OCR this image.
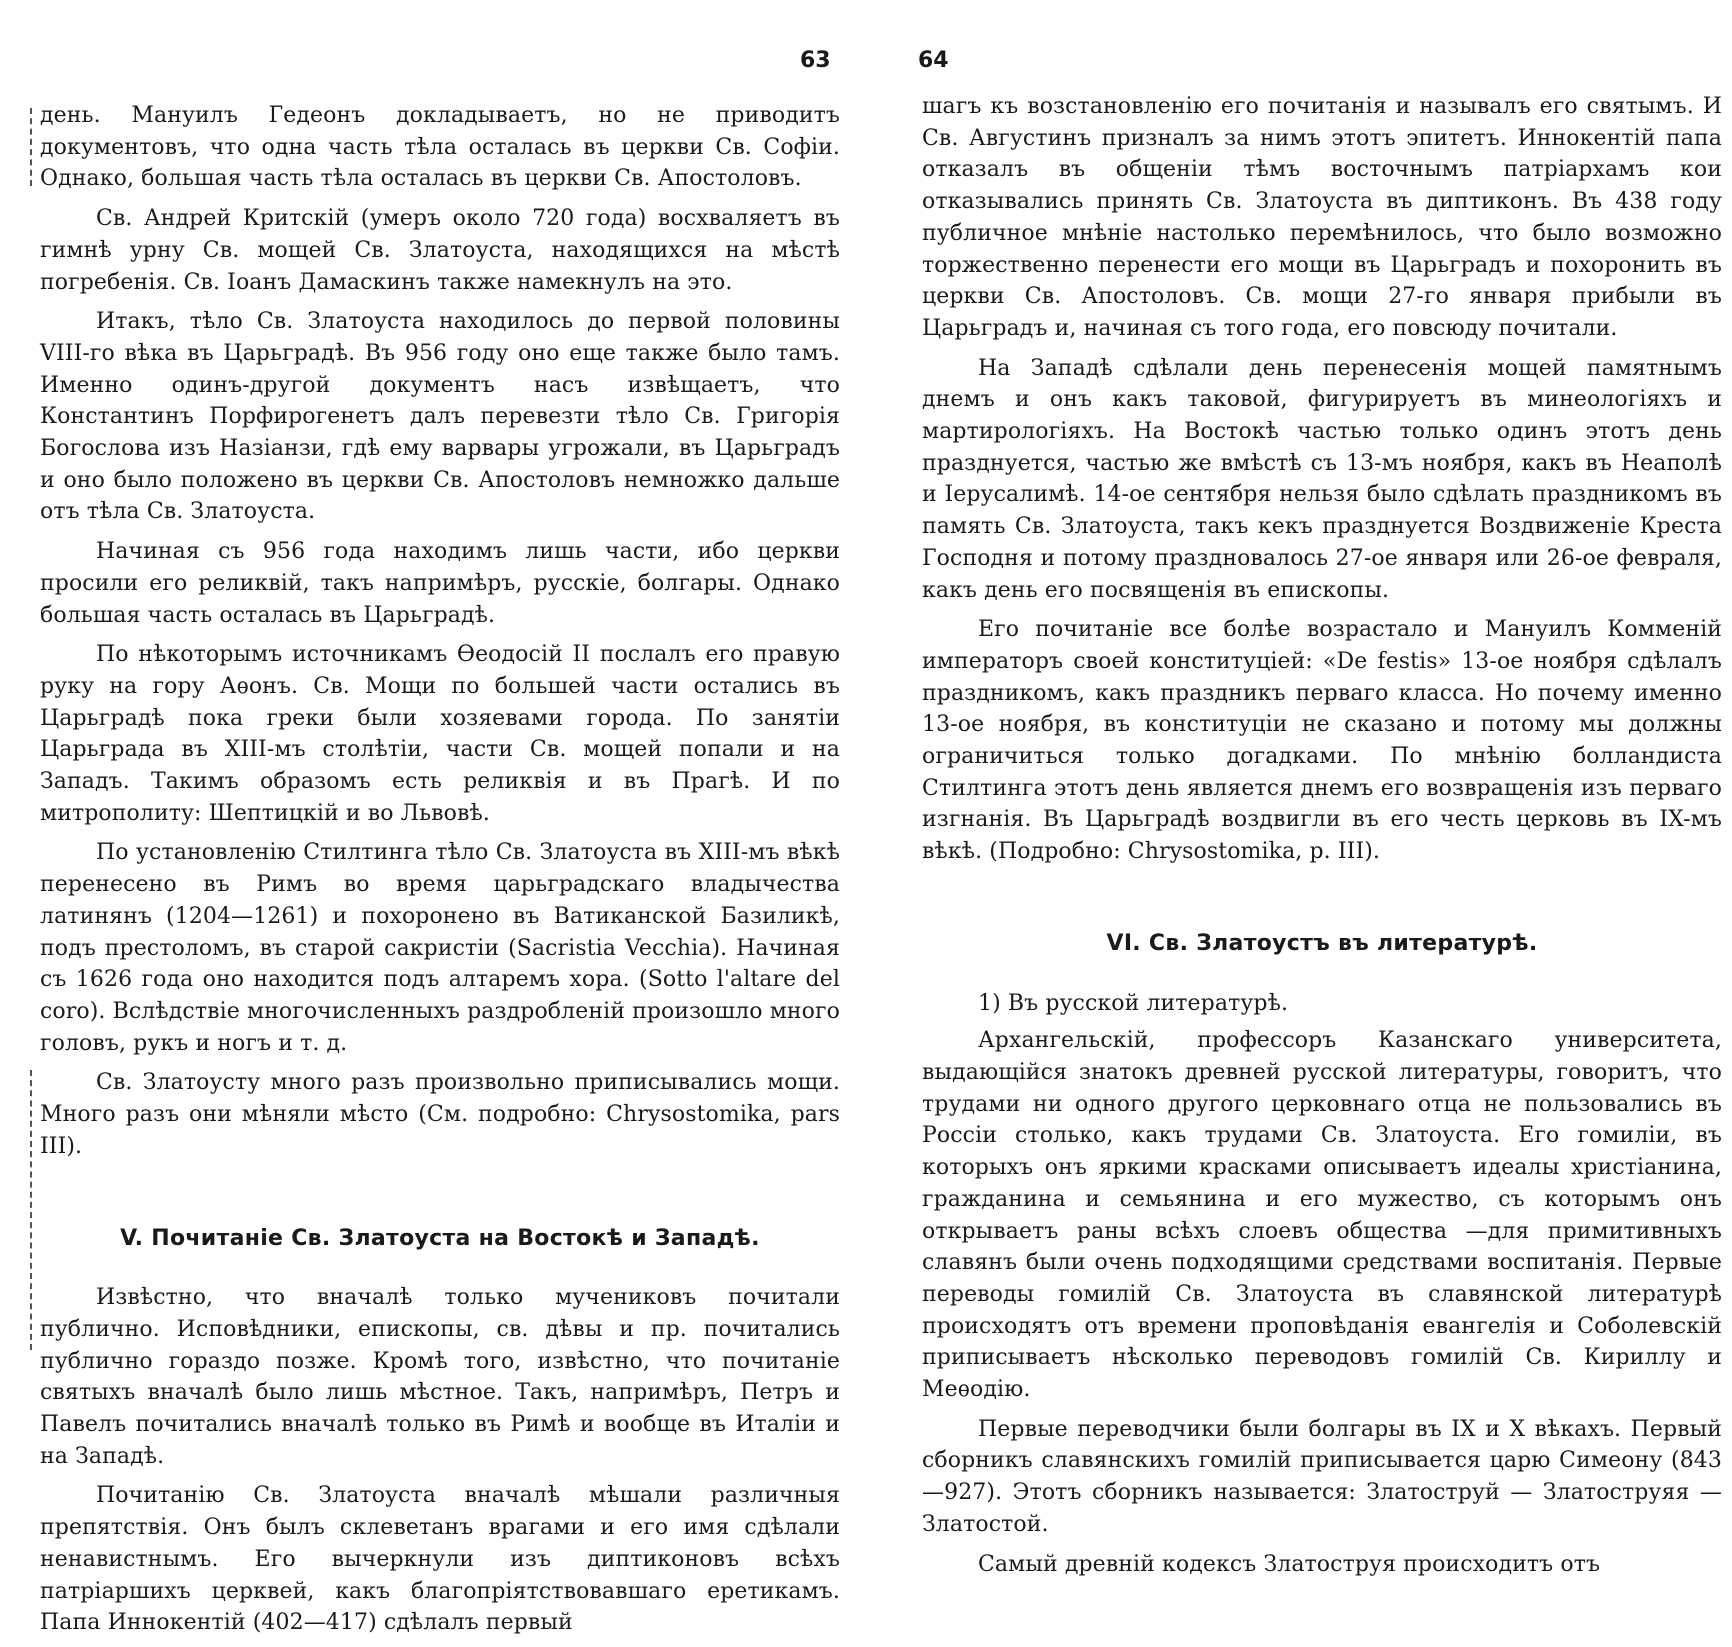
63

день. Мануилъ Гедеонъ докладываетъ, но не приводитъ документовъ, что одна часть тѣла осталась въ церкви Св. Софіи. Однако, большая часть тѣла осталась въ церкви Св. Апостоловъ.

Св. Андрей Критскій (умеръ около 720 года) восхваляетъ въ гимнѣ урну Св. мощей Св. Златоуста, находящихся на мѣстѣ погребенія. Св. Іоанъ Дамаскинъ также намекнулъ на это.

Итакъ, тѣло Св. Златоуста находилось до первой половины VIII-го вѣка въ Царьградѣ. Въ 956 году оно еще также было тамъ. Именно одинъ-другой документъ насъ извѣщаетъ, что Константинъ Порфирогенетъ далъ перевезти тѣло Св. Григорія Богослова изъ Назіанзи, гдѣ ему варвары угрожали, въ Царьградъ и оно было положено въ церкви Св. Апостоловъ немножко дальше отъ тѣла Св. Златоуста.

Начиная съ 956 года находимъ лишь части, ибо церкви просили его реликвій, такъ напримѣръ, русскіе, болгары. Однако большая часть осталась въ Царьградѣ.

По нѣкоторымъ источникамъ Ѳеодосій II послалъ его правую руку на гору Аѳонъ. Св. Мощи по большей части остались въ Царьградѣ пока греки были хозяевами города. По занятіи Царьграда въ XIII-мъ столѣтіи, части Св. мощей попали и на Западъ. Такимъ образомъ есть реликвія и въ Прагѣ. И по митрополиту: Шептицкій и во Львовѣ.

По установленію Стилтинга тѣло Св. Златоуста въ XIII-мъ вѣкѣ перенесено въ Римъ во время царьградскаго владычества латинянъ (1204—1261) и похоронено въ Ватиканской Базиликѣ, подъ престоломъ, въ старой сакристіи (Sacristia Vecchia). Начиная съ 1626 года оно находится подъ алтаремъ хора. (Sotto l'altare del coro). Вслѣдствіе многочисленныхъ раздробленій произошло много головъ, рукъ и ногъ и т. д.

Св. Златоусту много разъ произвольно приписывались мощи. Много разъ они мѣняли мѣсто (См. подробно: Chrysostomika, pars III).

V. Почитаніе Св. Златоуста на Востокѣ и Западѣ.

Извѣстно, что вначалѣ только мучениковъ почитали публично. Исповѣдники, епископы, св. дѣвы и пр. почитались публично гораздо позже. Кромѣ того, извѣстно, что почитаніе святыхъ вначалѣ было лишь мѣстное. Такъ, напримѣръ, Петръ и Павелъ почитались вначалѣ только въ Римѣ и вообще въ Италіи и на Западѣ.

Почитанію Св. Златоуста вначалѣ мѣшали различныя препятствія. Онъ былъ склеветанъ врагами и его имя сдѣлали ненавистнымъ. Его вычеркнули изъ диптиконовъ всѣхъ патріаршихъ церквей, какъ благопріятствовавшаго еретикамъ. Папа Иннокентій (402—417) сдѣлалъ первый

64

шагъ къ возстановленію его почитанія и называлъ его святымъ. И Св. Августинъ призналъ за нимъ этотъ эпитетъ. Иннокентій папа отказалъ въ общеніи тѣмъ восточнымъ патріархамъ кои отказывались принять Св. Златоуста въ диптиконъ. Въ 438 году публичное мнѣніе настолько перемѣнилось, что было возможно торжественно перенести его мощи въ Царьградъ и похоронить въ церкви Св. Апостоловъ. Св. мощи 27-го января прибыли въ Царьградъ и, начиная съ того года, его повсюду почитали.

На Западѣ сдѣлали день перенесенія мощей памятнымъ днемъ и онъ какъ таковой, фигурируетъ въ минеологіяхъ и мартирологіяхъ. На Востокѣ частью только одинъ этотъ день празднуется, частью же вмѣстѣ съ 13-мъ ноября, какъ въ Неаполѣ и Іерусалимѣ. 14-ое сентября нельзя было сдѣлать праздникомъ въ память Св. Златоуста, такъ кекъ празднуется Воздвиженіе Креста Господня и потому праздновалось 27-ое января или 26-ое февраля, какъ день его посвященія въ епископы.

Его почитаніе все болѣе возрастало и Мануилъ Комменій императоръ своей конституціей: «De festis» 13-ое ноября сдѣлалъ праздникомъ, какъ праздникъ перваго класса. Но почему именно 13-ое ноября, въ конституціи не сказано и потому мы должны ограничиться только догадками. По мнѣнію болландиста Стилтинга этотъ день является днемъ его возвращенія изъ перваго изгнанія. Въ Царьградѣ воздвигли въ его честь церковь въ IX-мъ вѣкѣ. (Подробно: Chrysostomika, p. III).

VI. Св. Златоустъ въ литературѣ.

1) Въ русской литературѣ.

Архангельскій, профессоръ Казанскаго университета, выдающійся знатокъ древней русской литературы, говоритъ, что трудами ни одного другого церковнаго отца не пользовались въ Россіи столько, какъ трудами Св. Златоуста. Его гомиліи, въ которыхъ онъ яркими красками описываетъ идеалы христіанина, гражданина и семьянина и его мужество, съ которымъ онъ открываетъ раны всѣхъ слоевъ общества —для примитивныхъ славянъ были очень подходящими средствами воспитанія. Первые переводы гомилій Св. Златоуста въ славянской литературѣ происходятъ отъ времени проповѣданія евангелія и Соболевскій приписываетъ нѣсколько переводовъ гомилій Св. Кириллу и Меѳодію.

Первые переводчики были болгары въ IX и X вѣкахъ. Первый сборникъ славянскихъ гомилій приписывается царю Симеону (843—927). Этотъ сборникъ называется: Златоструй — Златоструяя — Златостой.

Самый древній кодексъ Златоструя происходитъ отъ
